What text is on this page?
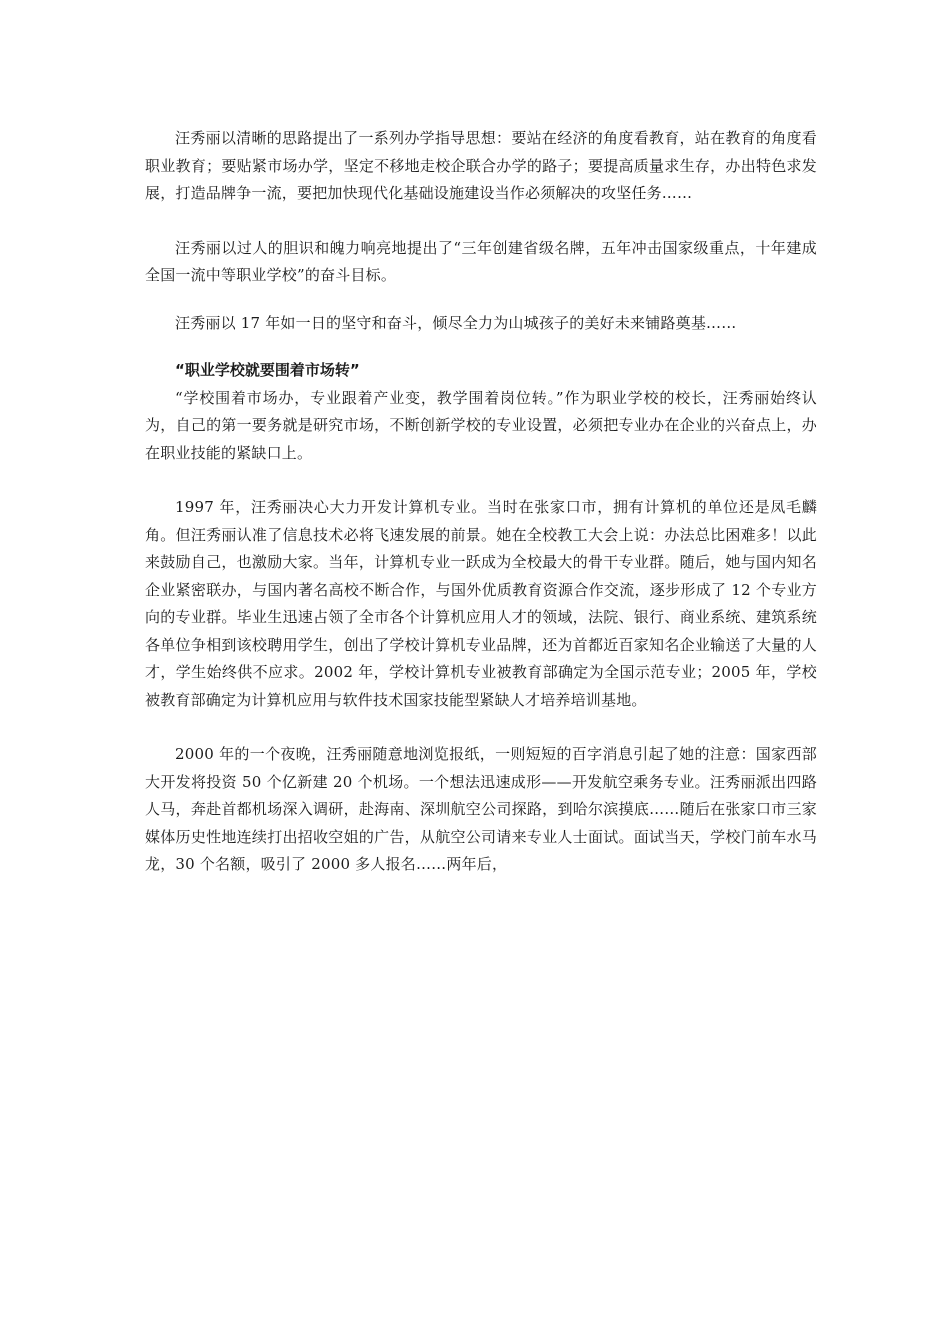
汪秀丽以清晰的思路提出了一系列办学指导思想：要站在经济的角度看教育，站在教育的角度看职业教育；要贴紧市场办学，坚定不移地走校企联合办学的路子；要提高质量求生存，办出特色求发展，打造品牌争一流，要把加快现代化基础设施建设当作必须解决的攻坚任务……

汪秀丽以过人的胆识和魄力响亮地提出了“三年创建省级名牌，五年冲击国家级重点，十年建成全国一流中等职业学校”的奋斗目标。

汪秀丽以 17 年如一日的坚守和奋斗，倾尽全力为山城孩子的美好未来铺路奠基……

“职业学校就要围着市场转”

“学校围着市场办，专业跟着产业变，教学围着岗位转。”作为职业学校的校长，汪秀丽始终认为，自己的第一要务就是研究市场，不断创新学校的专业设置，必须把专业办在企业的兴奋点上，办在职业技能的紧缺口上。

1997 年，汪秀丽决心大力开发计算机专业。当时在张家口市，拥有计算机的单位还是凤毛麟角。但汪秀丽认准了信息技术必将飞速发展的前景。她在全校教工大会上说：办法总比困难多！以此来鼓励自己，也激励大家。当年，计算机专业一跃成为全校最大的骨干专业群。随后，她与国内知名企业紧密联办，与国内著名高校不断合作，与国外优质教育资源合作交流，逐步形成了 12 个专业方向的专业群。毕业生迅速占领了全市各个计算机应用人才的领域，法院、银行、商业系统、建筑系统各单位争相到该校聘用学生，创出了学校计算机专业品牌，还为首都近百家知名企业输送了大量的人才，学生始终供不应求。2002 年，学校计算机专业被教育部确定为全国示范专业；2005 年，学校被教育部确定为计算机应用与软件技术国家技能型紧缺人才培养培训基地。

2000 年的一个夜晚，汪秀丽随意地浏览报纸，一则短短的百字消息引起了她的注意：国家西部大开发将投资 50 个亿新建 20 个机场。一个想法迅速成形——开发航空乘务专业。汪秀丽派出四路人马，奔赴首都机场深入调研，赴海南、深圳航空公司探路，到哈尔滨摸底……随后在张家口市三家媒体历史性地连续打出招收空姐的广告，从航空公司请来专业人士面试。面试当天，学校门前车水马龙，30 个名额，吸引了 2000 多人报名……两年后，
